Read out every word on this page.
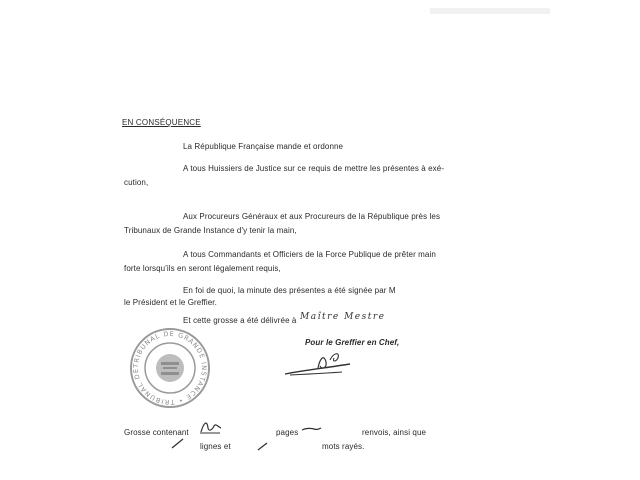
EN CONSÉQUENCE
La République Française mande et ordonne
A tous Huissiers de Justice sur ce requis de mettre les présentes à exé-
cution,
Aux Procureurs Généraux et aux Procureurs de la République près les
Tribunaux de Grande Instance d'y tenir la main,
A tous Commandants et Officiers de la Force Publique de prêter main
forte lorsqu'ils en seront légalement requis,
En foi de quoi, la minute des présentes a été signée par M
le Président et le Greffier.
Et cette grosse a été délivrée à Maître Mestre
Pour le Greffier en Chef,
TRIBUNAL DE GRANDE INSTANCE • TRIBUNAL DE GRANDE INSTANCE
Grosse contenant	pages	renvois, ainsi que
lignes et	mots rayés.
